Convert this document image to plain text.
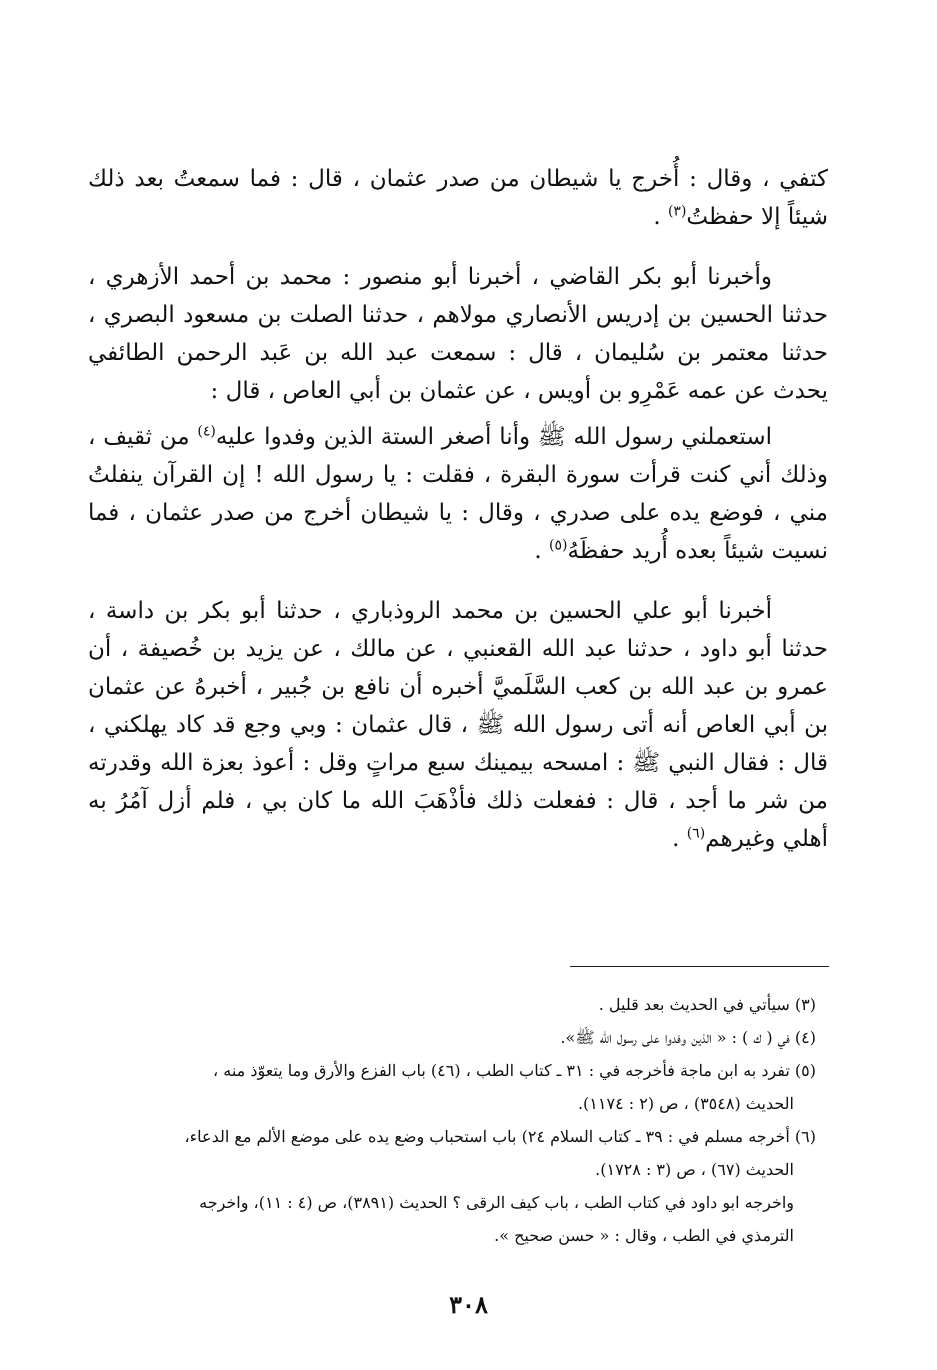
كتفي ، وقال : أُخرج يا شيطان من صدر عثمان ، قال : فما سمعتُ بعد ذلك شيئاً إلا حفظتُ$^{(٣)}$ .

وأخبرنا أبو بكر القاضي ، أخبرنا أبو منصور : محمد بن أحمد الأزهري ، حدثنا الحسين بن إدريس الأنصاري مولاهم ، حدثنا الصلت بن مسعود البصري ، حدثنا معتمر بن سُليمان ، قال : سمعت عبد الله بن عَبد الرحمن الطائفي يحدث عن عمه عَمْرِو بن أويس ، عن عثمان بن أبي العاص ، قال :

استعملني رسول الله ﷺ وأنا أصغر الستة الذين وفدوا عليه$^{(٤)}$ من ثقيف ، وذلك أني كنت قرأت سورة البقرة ، فقلت : يا رسول الله ! إن القرآن ينفلتُ مني ، فوضع يده على صدري ، وقال : يا شيطان أخرج من صدر عثمان ، فما نسيت شيئاً بعده أُريد حفظَهُ$^{(٥)}$ .

أخبرنا أبو علي الحسين بن محمد الروذباري ، حدثنا أبو بكر بن داسة ، حدثنا أبو داود ، حدثنا عبد الله القعنبي ، عن مالك ، عن يزيد بن خُصيفة ، أن عمرو بن عبد الله بن كعب السَّلَميَّ أخبره أن نافع بن جُبير ، أخبرهُ عن عثمان بن أبي العاص أنه أتى رسول الله ﷺ ، قال عثمان : وبي وجع قد كاد يهلكني ، قال : فقال النبي ﷺ : امسحه بيمينك سبع مراتٍ وقل : أعوذ بعزة الله وقدرته من شر ما أجد ، قال : ففعلت ذلك فأذْهَبَ الله ما كان بي ، فلم أزل آمُرُ به أهلي وغيرهم$^{(٦)}$ .

(٣) سيأتي في الحديث بعد قليل .

(٤) في ( ك ) : « الذين وفدوا على رسول الله ﷺ».

(٥) تفرد به ابن ماجة فأخرجه في : ٣١ ـ كتاب الطب ، (٤٦) باب الفزع والأرق وما يتعوّذ منه ،
الحديث (٣٥٤٨) ، ص (٢ : ١١٧٤).

(٦) أخرجه مسلم في : ٣٩ ـ كتاب السلام ٢٤) باب استحباب وضع يده على موضع الألم مع الدعاء،
الحديث (٦٧) ، ص (٣ : ١٧٢٨).

واخرجه ابو داود في كتاب الطب ، باب كيف الرقى ؟ الحديث (٣٨٩١)، ص (٤ : ١١)، واخرجه
الترمذي في الطب ، وقال : « حسن صحيح ».

٣٠٨
